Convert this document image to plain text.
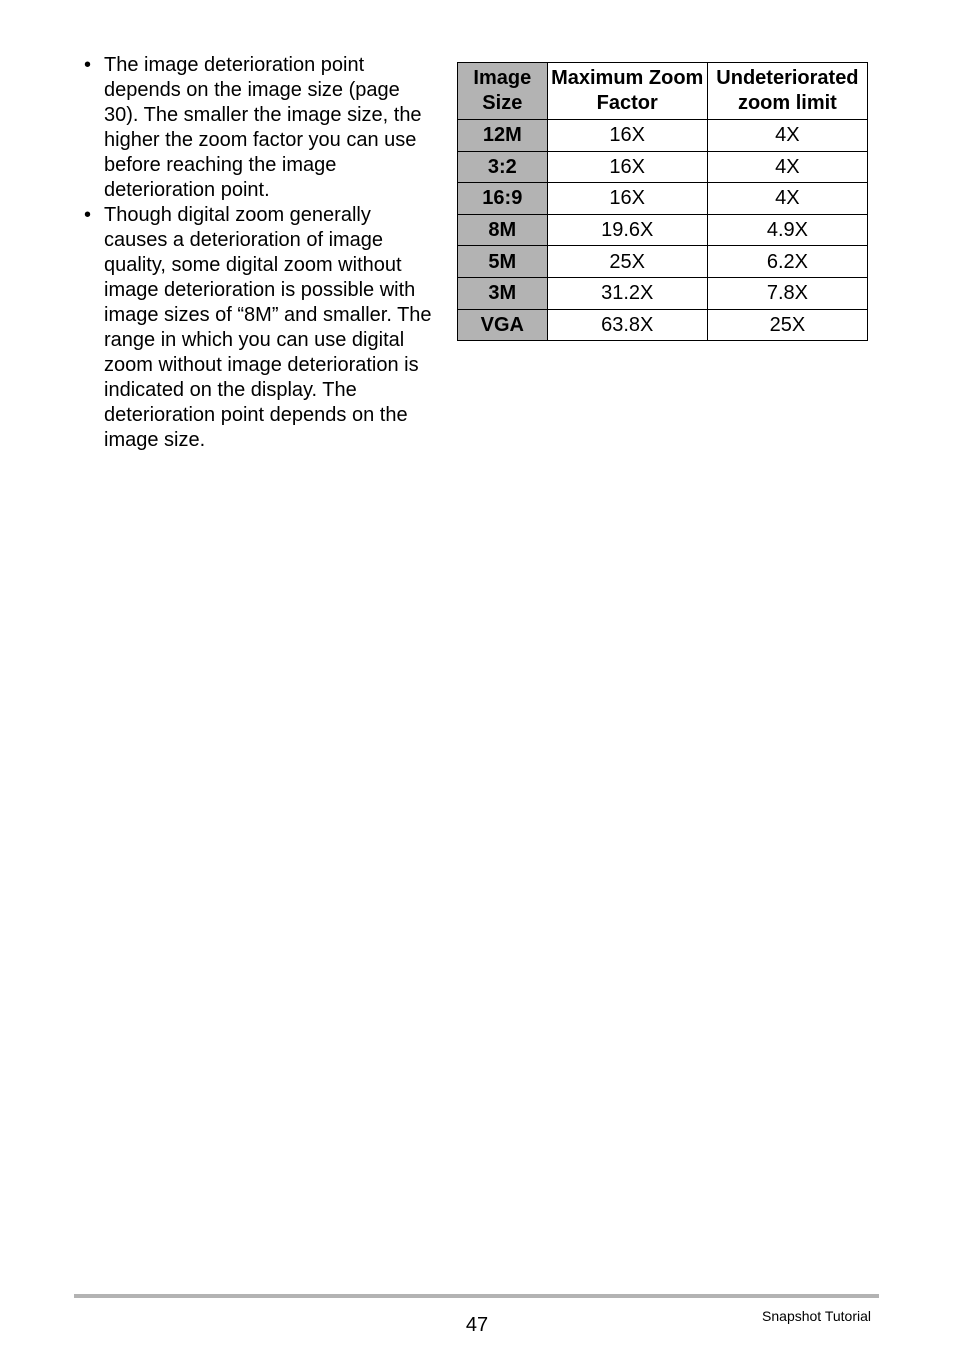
• The image deterioration point depends on the image size (page 30). The smaller the image size, the higher the zoom factor you can use before reaching the image deterioration point.
• Though digital zoom generally causes a deterioration of image quality, some digital zoom without image deterioration is possible with image sizes of “8M” and smaller. The range in which you can use digital zoom without image deterioration is indicated on the display. The deterioration point depends on the image size.
Image Size	Maximum Zoom Factor	Undeteriorated zoom limit
12M	16X	4X
3:2	16X	4X
16:9	16X	4X
8M	19.6X	4.9X
5M	25X	6.2X
3M	31.2X	7.8X
VGA	63.8X	25X
47	Snapshot Tutorial
